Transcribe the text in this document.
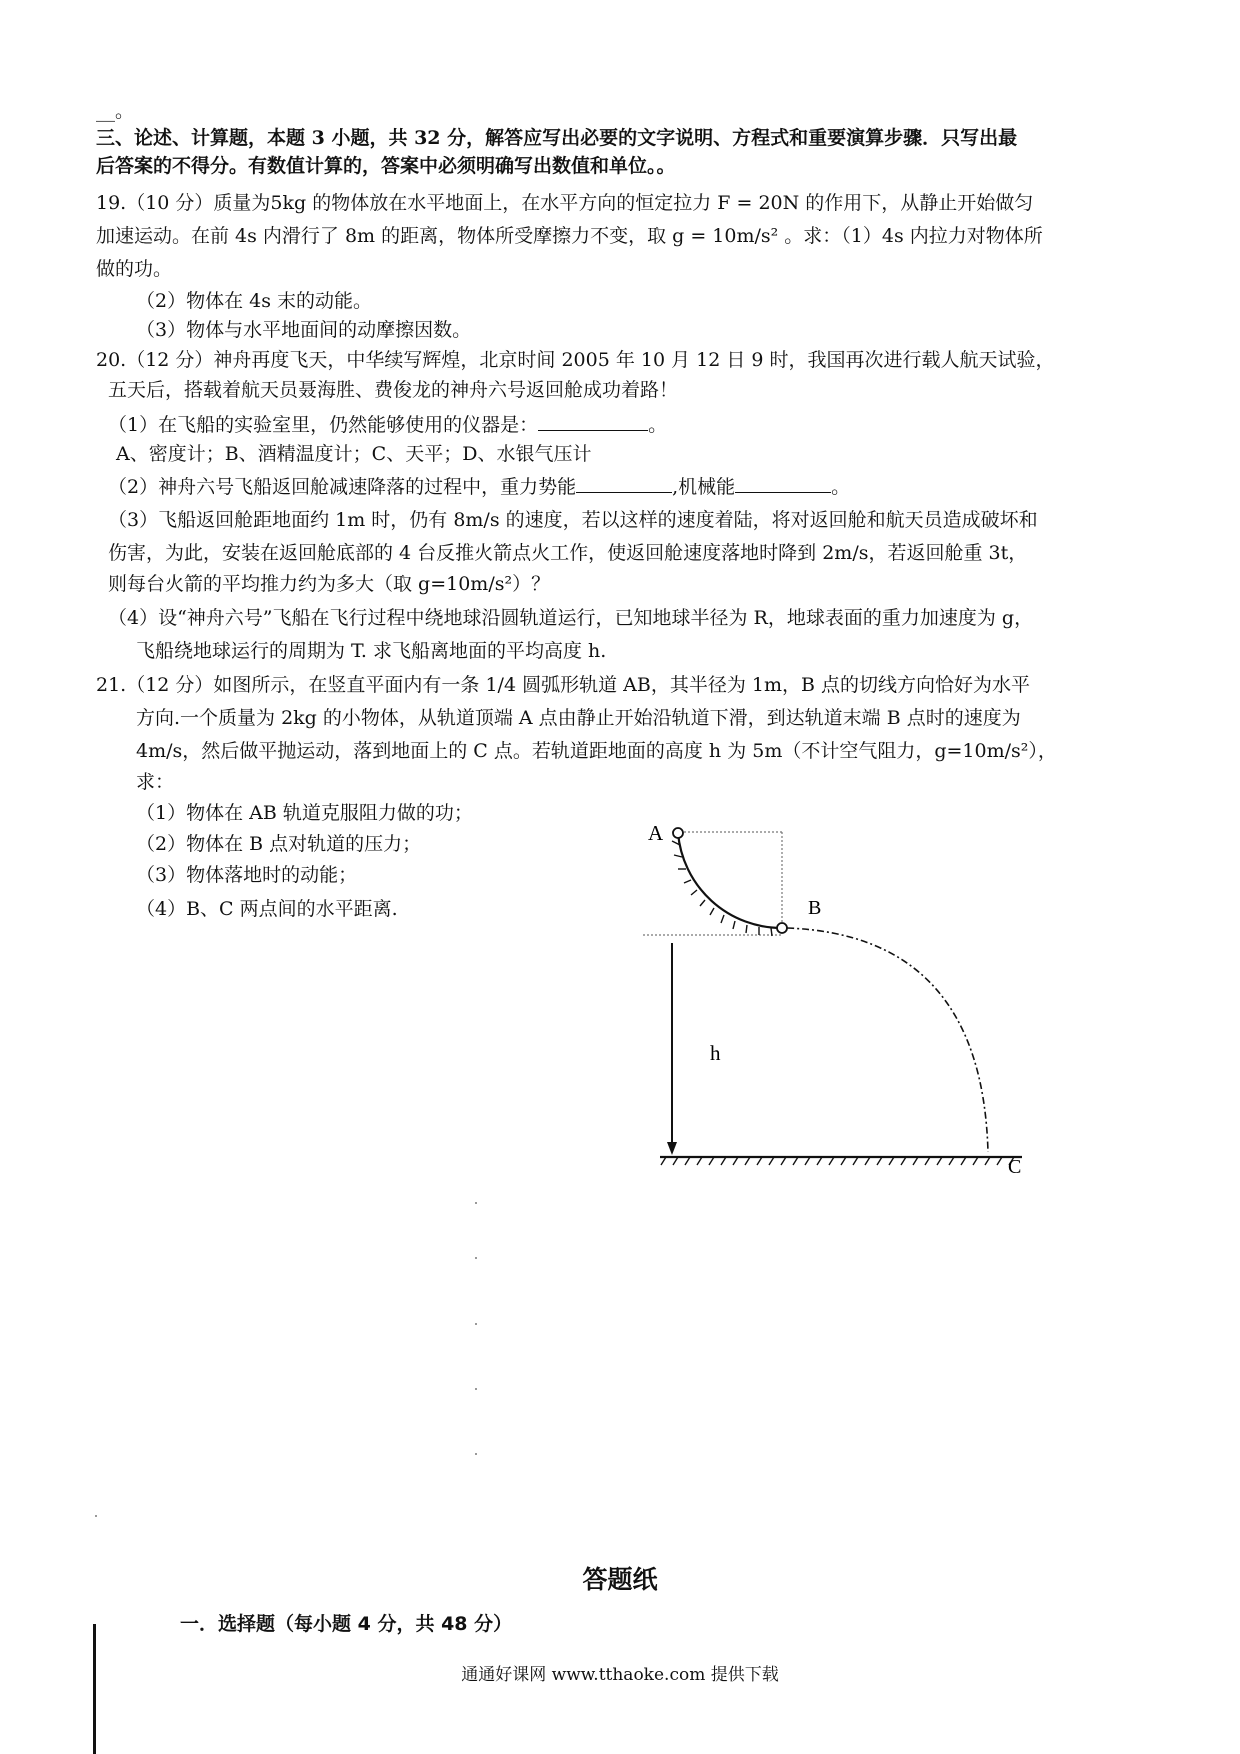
__。
三、论述、计算题，本题 3 小题，共 32 分，解答应写出必要的文字说明、方程式和重要演算步骤．只写出最
后答案的不得分。有数值计算的，答案中必须明确写出数值和单位。。
19.（10 分）质量为5kg 的物体放在水平地面上，在水平方向的恒定拉力 F = 20N 的作用下，从静止开始做匀
加速运动。在前 4s 内滑行了 8m 的距离，物体所受摩擦力不变，取 g = 10m/s² 。求：（1）4s 内拉力对物体所
做的功。
（2）物体在 4s 末的动能。
（3）物体与水平地面间的动摩擦因数。
20.（12 分）神舟再度飞天，中华续写辉煌，北京时间 2005 年 10 月 12 日 9 时，我国再次进行载人航天试验，
五天后，搭载着航天员聂海胜、费俊龙的神舟六号返回舱成功着路！
（1）在飞船的实验室里，仍然能够使用的仪器是：	。
A、密度计；B、酒精温度计；C、天平；D、水银气压计
（2）神舟六号飞船返回舱减速降落的过程中，重力势能	,机械能	。
（3）飞船返回舱距地面约 1m 时，仍有 8m/s 的速度，若以这样的速度着陆，将对返回舱和航天员造成破坏和
伤害，为此，安装在返回舱底部的 4 台反推火箭点火工作，使返回舱速度落地时降到 2m/s，若返回舱重 3t，
则每台火箭的平均推力约为多大（取 g=10m/s²）？
（4）设“神舟六号”飞船在飞行过程中绕地球沿圆轨道运行，已知地球半径为 R，地球表面的重力加速度为 g，
飞船绕地球运行的周期为 T. 求飞船离地面的平均高度 h.
21.（12 分）如图所示，在竖直平面内有一条 1/4 圆弧形轨道 AB，其半径为 1m，B 点的切线方向恰好为水平
方向.一个质量为 2kg 的小物体，从轨道顶端 A 点由静止开始沿轨道下滑，到达轨道末端 B 点时的速度为
4m/s，然后做平抛运动，落到地面上的 C 点。若轨道距地面的高度 h 为 5m（不计空气阻力，g=10m/s²），
求：
（1）物体在 AB 轨道克服阻力做的功；
（2）物体在 B 点对轨道的压力；
（3）物体落地时的动能；
（4）B、C 两点间的水平距离.
A
B
C
h
答题纸
一．选择题（每小题 4 分，共 48 分）
通通好课网 www.tthaoke.com 提供下载
